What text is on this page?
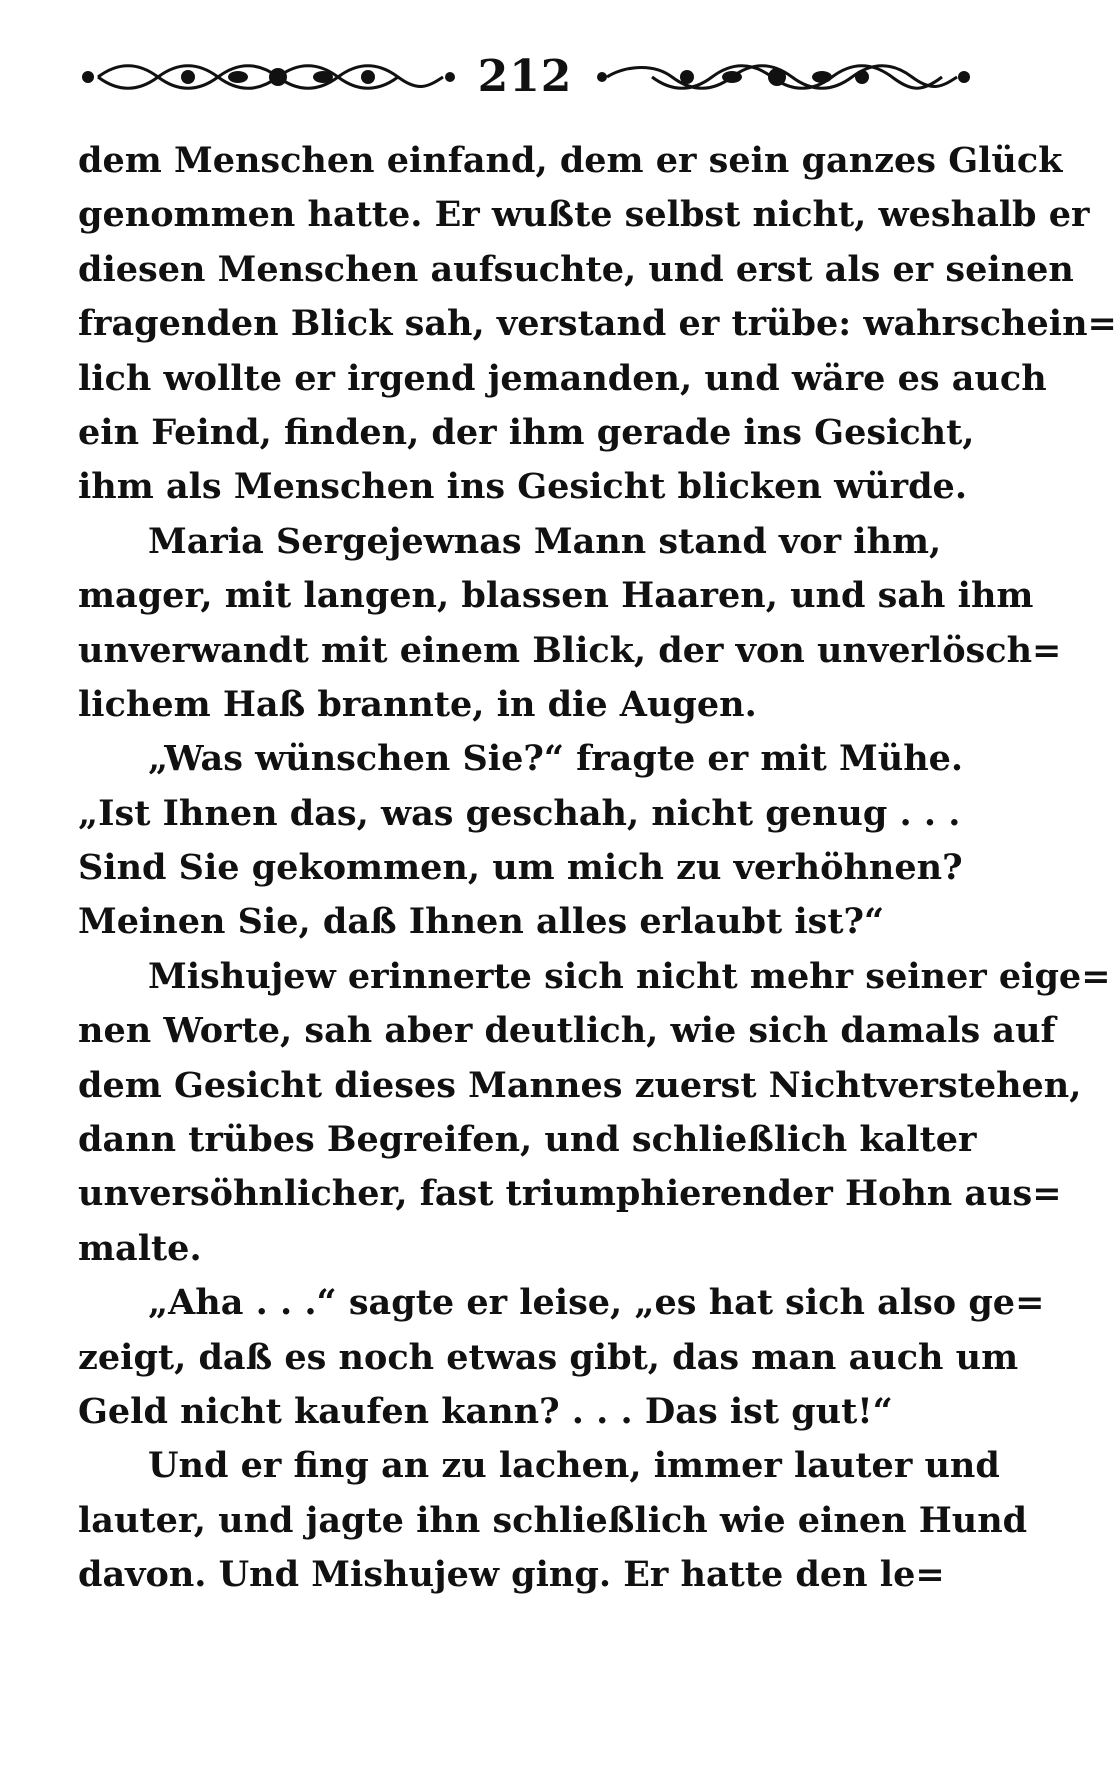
212
dem Menschen einfand, dem er sein ganzes Glück
genommen hatte. Er wußte selbst nicht, weshalb er
diesen Menschen aufsuchte, und erst als er seinen
fragenden Blick sah, verstand er trübe: wahrschein=
lich wollte er irgend jemanden, und wäre es auch
ein Feind, finden, der ihm gerade ins Gesicht,
ihm als Menschen ins Gesicht blicken würde.
Maria Sergejewnas Mann stand vor ihm,
mager, mit langen, blassen Haaren, und sah ihm
unverwandt mit einem Blick, der von unverlösch=
lichem Haß brannte, in die Augen.
„Was wünschen Sie?“ fragte er mit Mühe.
„Ist Ihnen das, was geschah, nicht genug . . .
Sind Sie gekommen, um mich zu verhöhnen?
Meinen Sie, daß Ihnen alles erlaubt ist?“
Mishujew erinnerte sich nicht mehr seiner eige=
nen Worte, sah aber deutlich, wie sich damals auf
dem Gesicht dieses Mannes zuerst Nichtverstehen,
dann trübes Begreifen, und schließlich kalter
unversöhnlicher, fast triumphierender Hohn aus=
malte.
„Aha . . .“ sagte er leise, „es hat sich also ge=
zeigt, daß es noch etwas gibt, das man auch um
Geld nicht kaufen kann? . . . Das ist gut!“
Und er fing an zu lachen, immer lauter und
lauter, und jagte ihn schließlich wie einen Hund
davon. Und Mishujew ging. Er hatte den le=
